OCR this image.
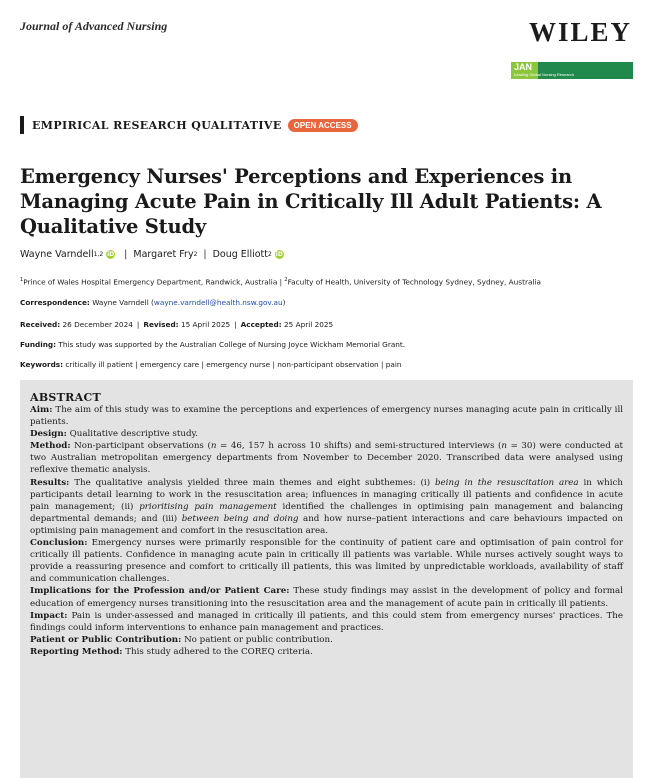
Journal of Advanced Nursing	WILEY
JAN
Leading Global Nursing Research
EMPIRICAL RESEARCH QUALITATIVE	OPEN ACCESS
Emergency Nurses' Perceptions and Experiences in Managing Acute Pain in Critically Ill Adult Patients: A Qualitative Study
Wayne Varndell 1,2 iD | Margaret Fry 2 | Doug Elliott 2 iD
$^1$Prince of Wales Hospital Emergency Department, Randwick, Australia | $^2$Faculty of Health, University of Technology Sydney, Sydney, Australia
Correspondence: Wayne Varndell (wayne.varndell@health.nsw.gov.au)
Received: 26 December 2024 | Revised: 15 April 2025 | Accepted: 25 April 2025
Funding: This study was supported by the Australian College of Nursing Joyce Wickham Memorial Grant.
Keywords: critically ill patient | emergency care | emergency nurse | non-participant observation | pain
ABSTRACT

Aim: The aim of this study was to examine the perceptions and experiences of emergency nurses managing acute pain in critically ill patients.

Design: Qualitative descriptive study.

Method: Non-participant observations (n = 46, 157 h across 10 shifts) and semi-structured interviews (n = 30) were conducted at two Australian metropolitan emergency departments from November to December 2020. Transcribed data were analysed using reflexive thematic analysis.

Results: The qualitative analysis yielded three main themes and eight subthemes: (i) being in the resuscitation area in which participants detail learning to work in the resuscitation area; influences in managing critically ill patients and confidence in acute pain management; (ii) prioritising pain management identified the challenges in optimising pain management and balancing departmental demands; and (iii) between being and doing and how nurse–patient interactions and care behaviours impacted on optimising pain management and comfort in the resuscitation area.

Conclusion: Emergency nurses were primarily responsible for the continuity of patient care and optimisation of pain control for critically ill patients. Confidence in managing acute pain in critically ill patients was variable. While nurses actively sought ways to provide a reassuring presence and comfort to critically ill patients, this was limited by unpredictable workloads, availability of staff and communication challenges.

Implications for the Profession and/or Patient Care: These study findings may assist in the development of policy and formal education of emergency nurses transitioning into the resuscitation area and the management of acute pain in critically ill patients.

Impact: Pain is under-assessed and managed in critically ill patients, and this could stem from emergency nurses' practices. The findings could inform interventions to enhance pain management and practices.

Patient or Public Contribution: No patient or public contribution.

Reporting Method: This study adhered to the COREQ criteria.
